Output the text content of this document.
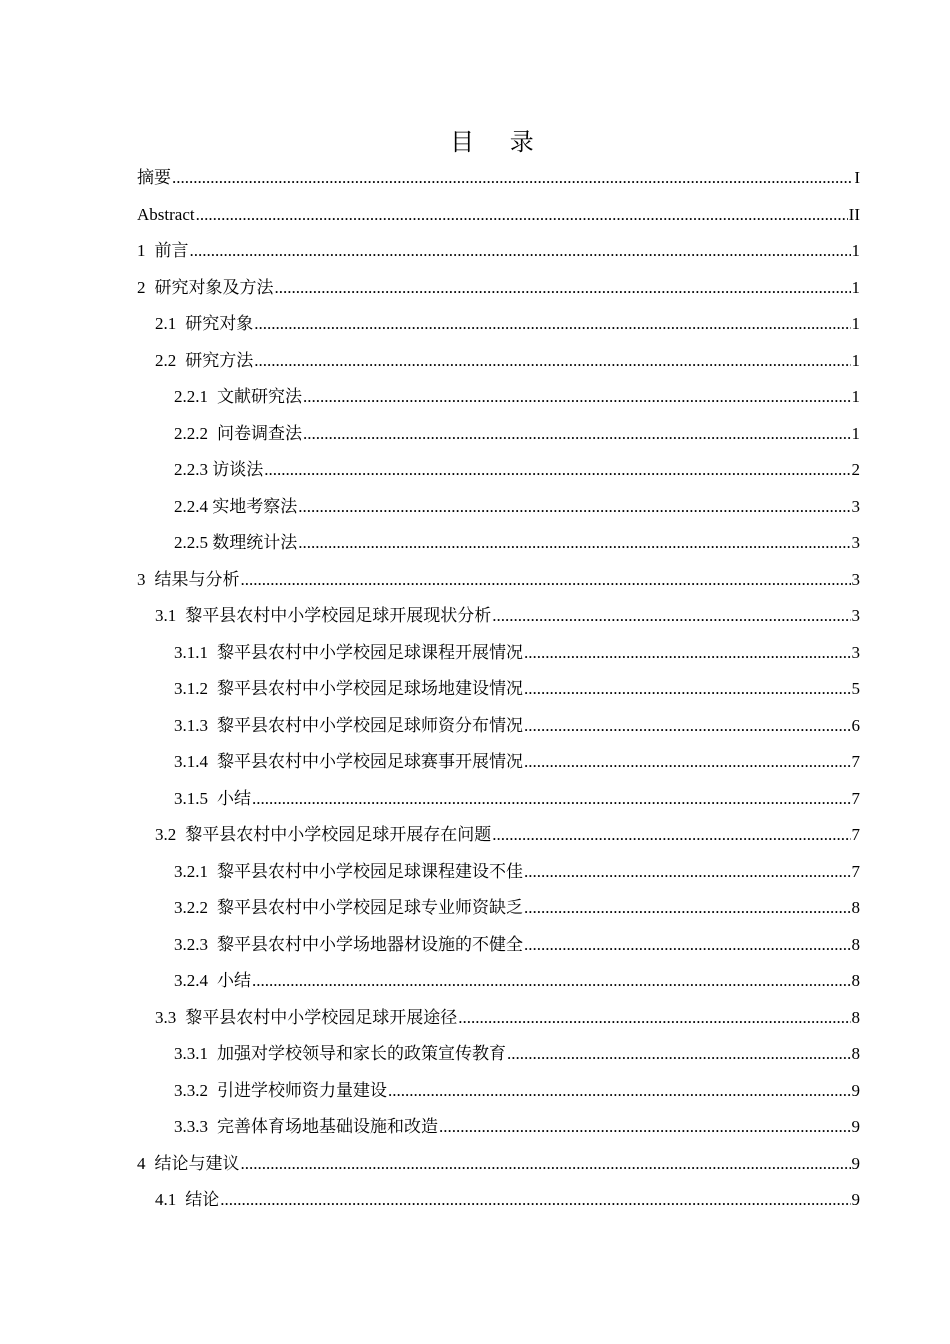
目 录
摘要 .....	I
Abstract .....	II
1 前言 .....	1
2 研究对象及方法 .....	1
2.1 研究对象 .....	1
2.2 研究方法 .....	1
2.2.1 文献研究法 .....	1
2.2.2 问卷调查法 .....	1
2.2.3 访谈法 .....	2
2.2.4 实地考察法 .....	3
2.2.5 数理统计法 .....	3
3 结果与分析 .....	3
3.1 黎平县农村中小学校园足球开展现状分析 .....	3
3.1.1 黎平县农村中小学校园足球课程开展情况 .....	3
3.1.2 黎平县农村中小学校园足球场地建设情况 .....	5
3.1.3 黎平县农村中小学校园足球师资分布情况 .....	6
3.1.4 黎平县农村中小学校园足球赛事开展情况 .....	7
3.1.5 小结 .....	7
3.2 黎平县农村中小学校园足球开展存在问题 .....	7
3.2.1 黎平县农村中小学校园足球课程建设不佳 .....	7
3.2.2 黎平县农村中小学校园足球专业师资缺乏 .....	8
3.2.3 黎平县农村中小学场地器材设施的不健全 .....	8
3.2.4 小结 .....	8
3.3 黎平县农村中小学校园足球开展途径 .....	8
3.3.1 加强对学校领导和家长的政策宣传教育 .....	8
3.3.2 引进学校师资力量建设 .....	9
3.3.3 完善体育场地基础设施和改造 .....	9
4 结论与建议 .....	9
4.1 结论 .....	9
